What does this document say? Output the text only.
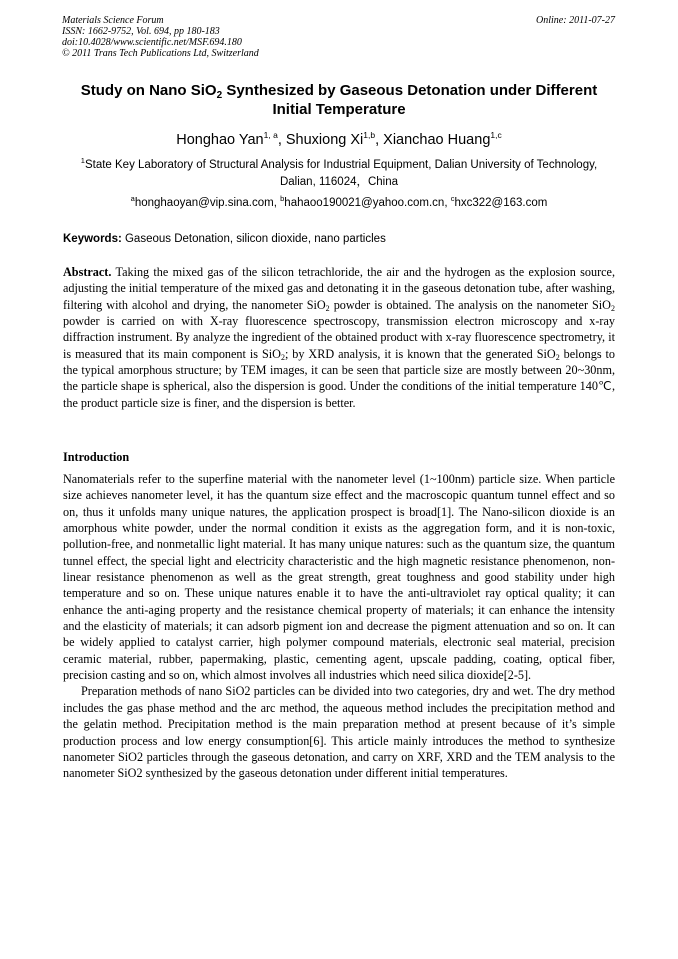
Materials Science Forum
ISSN: 1662-9752, Vol. 694, pp 180-183
doi:10.4028/www.scientific.net/MSF.694.180
© 2011 Trans Tech Publications Ltd, Switzerland
Online: 2011-07-27
Study on Nano SiO$_2$ Synthesized by Gaseous Detonation under Different Initial Temperature
Honghao Yan$^{1, a}$, Shuxiong Xi$^{1,b}$, Xianchao Huang$^{1,c}$
$^1$State Key Laboratory of Structural Analysis for Industrial Equipment, Dalian University of Technology, Dalian, 116024，China
$^a$honghaoyan@vip.sina.com, $^b$hahaoo190021@yahoo.com.cn, $^c$hxc322@163.com
Keywords: Gaseous Detonation, silicon dioxide, nano particles
Abstract. Taking the mixed gas of the silicon tetrachloride, the air and the hydrogen as the explosion source, adjusting the initial temperature of the mixed gas and detonating it in the gaseous detonation tube, after washing, filtering with alcohol and drying, the nanometer SiO$_2$ powder is obtained. The analysis on the nanometer SiO$_2$ powder is carried on with X-ray fluorescence spectroscopy, transmission electron microscopy and x-ray diffraction instrument. By analyze the ingredient of the obtained product with x-ray fluorescence spectrometry, it is measured that its main component is SiO$_2$; by XRD analysis, it is known that the generated SiO$_2$ belongs to the typical amorphous structure; by TEM images, it can be seen that particle size are mostly between 20~30nm, the particle shape is spherical, also the dispersion is good. Under the conditions of the initial temperature 140℃, the product particle size is finer, and the dispersion is better.
Introduction

Nanomaterials refer to the superfine material with the nanometer level (1~100nm) particle size. When particle size achieves nanometer level, it has the quantum size effect and the macroscopic quantum tunnel effect and so on, thus it unfolds many unique natures, the application prospect is broad[1]. The Nano-silicon dioxide is an amorphous white powder, under the normal condition it exists as the aggregation form, and it is non-toxic, pollution-free, and nonmetallic light material. It has many unique natures: such as the quantum size, the quantum tunnel effect, the special light and electricity characteristic and the high magnetic resistance phenomenon, non-linear resistance phenomenon as well as the great strength, great toughness and good stability under high temperature and so on. These unique natures enable it to have the anti-ultraviolet ray optical quality; it can enhance the anti-aging property and the resistance chemical property of materials; it can enhance the intensity and the elasticity of materials; it can adsorb pigment ion and decrease the pigment attenuation and so on. It can be widely applied to catalyst carrier, high polymer compound materials, electronic seal material, precision ceramic material, rubber, papermaking, plastic, cementing agent, upscale padding, coating, optical fiber, precision casting and so on, which almost involves all industries which need silica dioxide[2-5].

Preparation methods of nano SiO2 particles can be divided into two categories, dry and wet. The dry method includes the gas phase method and the arc method, the aqueous method includes the precipitation method and the gelatin method. Precipitation method is the main preparation method at present because of it’s simple production process and low energy consumption[6]. This article mainly introduces the method to synthesize nanometer SiO2 particles through the gaseous detonation, and carry on XRF, XRD and the TEM analysis to the nanometer SiO2 synthesized by the gaseous detonation under different initial temperatures.
